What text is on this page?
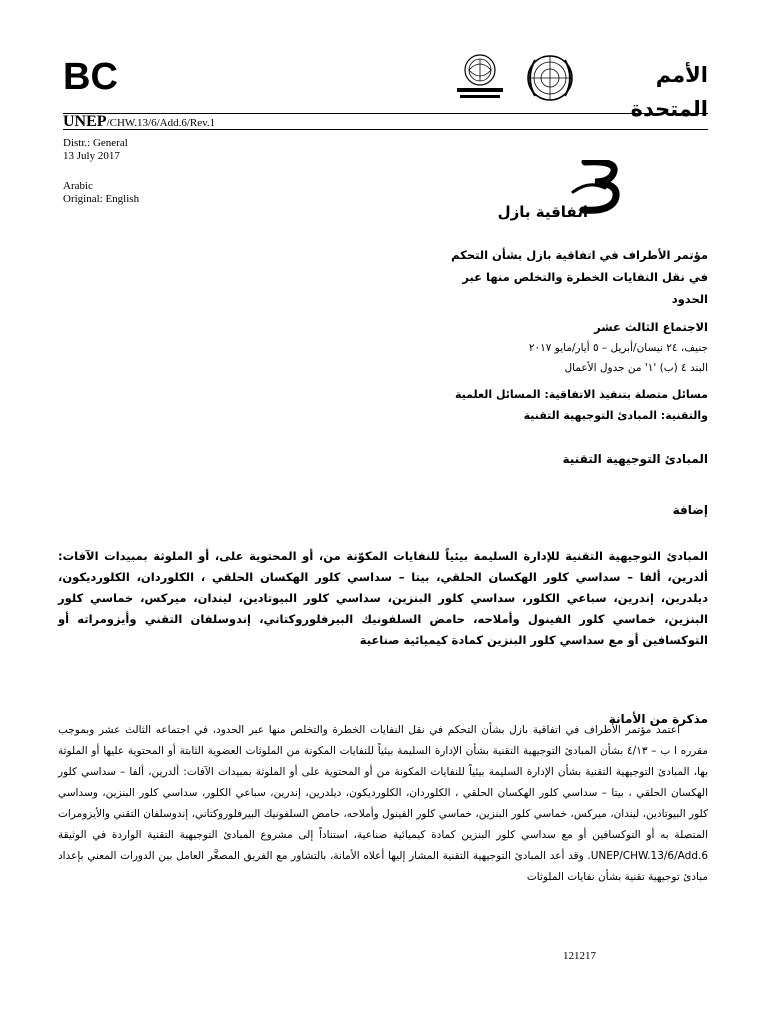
BC	الأمم
المتحدة
UNEP/CHW.13/6/Add.6/Rev.1
Distr.: General
13 July 2017
Arabic
Original: English
اتفاقية بازل
مؤتمر الأطراف في اتفاقية بازل بشأن التحكم
في نقل النفايات الخطرة والتخلص منها عبر
الحدود
الاجتماع الثالث عشر
جنيف، ٢٤ نيسان/أبريل – ٥ أيار/مايو ٢٠١٧
البند ٤ (ب) '١' من جدول الأعمال
مسائل متصلة بتنفيذ الاتفاقية: المسائل العلمية
والتقنية: المبادئ التوجيهية التقنية
المبادئ التوجيهية التقنية
إضافة
المبادئ التوجيهية التقنية للإدارة السليمة بيئياً للنفايات المكوّنة من، أو المحتوية على، أو الملوثة بمبيدات الآفات: ألدرين، ألفا – سداسي كلور الهكسان الحلقي، بيتا – سداسي كلور الهكسان الحلقي ، الكلوردان، الكلورديكون، ديلدرين، إندرين، سباعي الكلور، سداسي كلور البنزين، سداسي كلور البيوتادين، ليندان، ميركس، خماسي كلور البنزين، خماسي كلور الفينول وأملاحه، حامض السلفونيك البيرفلوروكتاني، إندوسلفان التقني وأيزومراته أو التوكسافين أو مع سداسي كلور البنزين كمادة كيميائية صناعية
مذكرة من الأمانة

اعتمد مؤتمر الأطراف في اتفاقية بازل بشأن التحكم في نقل النفايات الخطرة والتخلص منها عبر الحدود، في اجتماعه الثالث عشر وبموجب مقرره ا ب – ٤/١٣ بشأن المبادئ التوجيهية التقنية بشأن الإدارة السليمة بيئياً للنفايات المكونة من الملوثات العضوية الثابتة أو المحتوية عليها أو الملوثة بها، المبادئ التوجيهية التقنية بشأن الإدارة السليمة بيئياً للنفايات المكونة من أو المحتوية على أو الملوثة بمبيدات الآفات: ألدرين، ألفا – سداسي كلور الهكسان الحلقي ، بيتا – سداسي كلور الهكسان الحلقي ، الكلوردان، الكلورديكون، ديلدرين، إندرين، سباعي الكلور، سداسي كلور البنزين، وسداسي كلور البيوتادين، ليندان، ميركس، خماسي كلور البنزين، خماسي كلور الفينول وأملاحه، حامض السلفونيك البيرفلوروكتاني، إندوسلفان التقني والأيزومرات المتصلة به أو التوكسافين أو مع سداسي كلور البنزين كمادة كيميائية صناعية، استناداً إلى مشروع المبادئ التوجيهية التقنية الواردة في الوثيقة UNEP/CHW.13/6/Add.6. وقد أعد المبادئ التوجيهية التقنية المشار إليها أعلاه الأمانة، بالتشاور مع الفريق المصغَّر العامل بين الدورات المعني بإعداد مبادئ توجيهية تقنية بشأن نفايات الملوثات

121217
